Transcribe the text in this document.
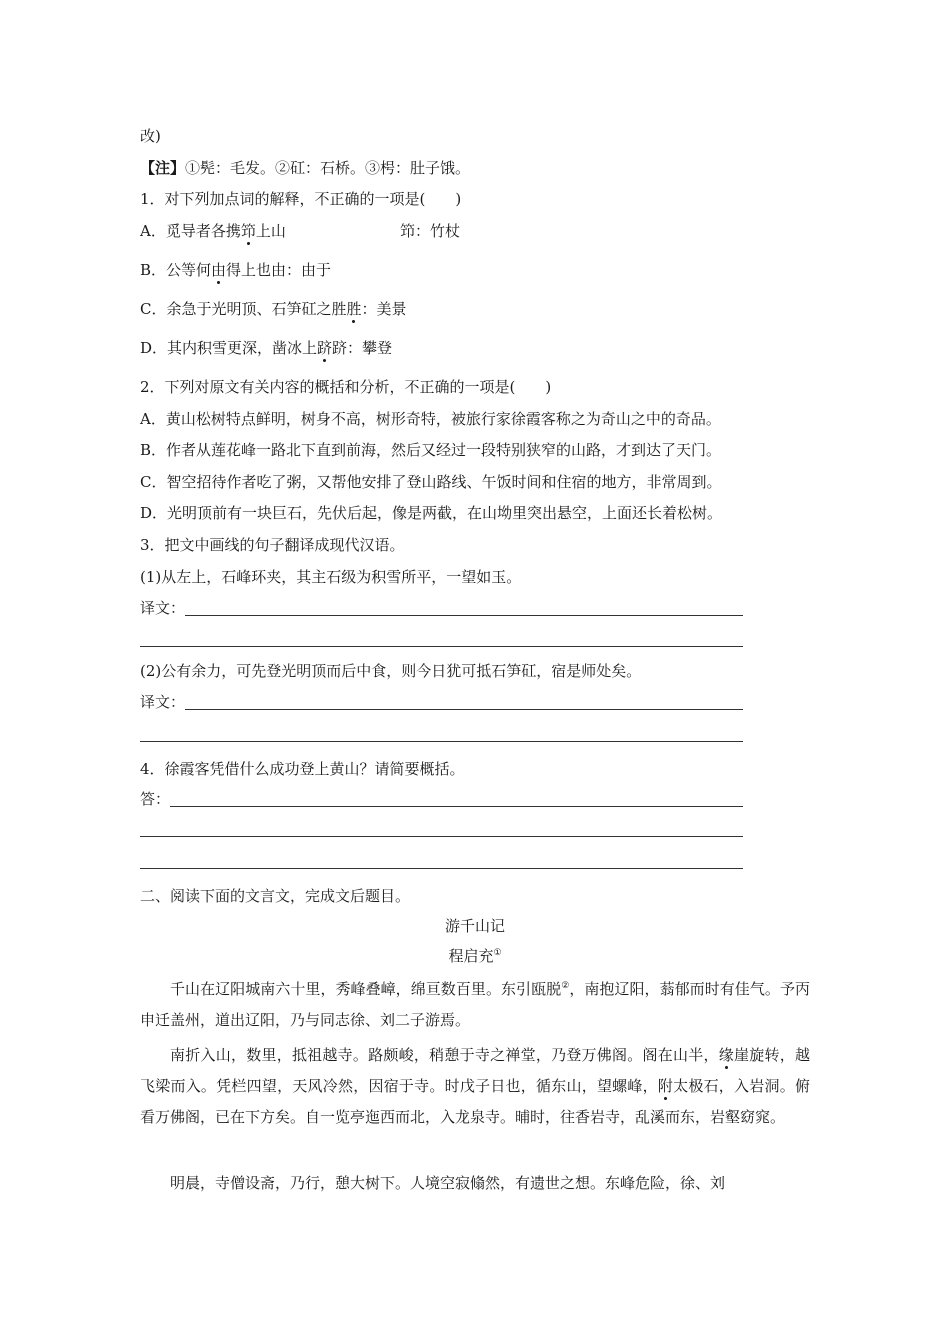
改)
【注】①髡：毛发。②矼：石桥。③枵：肚子饿。
1．对下列加点词的解释，不正确的一项是(　　)
A．觅导者各携笻上山	笻：竹杖
B．公等何由得上也由：由于
C．余急于光明顶、石笋矼之胜胜：美景
D．其内积雪更深，凿冰上跻跻：攀登
2．下列对原文有关内容的概括和分析，不正确的一项是(　　)
A．黄山松树特点鲜明，树身不高，树形奇特，被旅行家徐霞客称之为奇山之中的奇品。
B．作者从莲花峰一路北下直到前海，然后又经过一段特别狭窄的山路，才到达了天门。
C．智空招待作者吃了粥，又帮他安排了登山路线、午饭时间和住宿的地方，非常周到。
D．光明顶前有一块巨石，先伏后起，像是两截，在山坳里突出悬空，上面还长着松树。
3．把文中画线的句子翻译成现代汉语。
(1)从左上，石峰环夹，其主石级为积雪所平，一望如玉。
译文：
(2)公有余力，可先登光明顶而后中食，则今日犹可抵石笋矼，宿是师处矣。
译文：
4．徐霞客凭借什么成功登上黄山？请简要概括。
答：
二、阅读下面的文言文，完成文后题目。
游千山记
程启充①

千山在辽阳城南六十里，秀峰叠嶂，绵亘数百里。东引瓯脱②，南抱辽阳，蓊郁而时有佳气。予丙申迁盖州，道出辽阳，乃与同志徐、刘二子游焉。

南折入山，数里，抵祖越寺。路颇峻，稍憩于寺之禅堂，乃登万佛阁。阁在山半，缘崖旋转，越飞梁而入。凭栏四望，天风冷然，因宿于寺。时戊子日也，循东山，望螺峰，附太极石，入岩洞。俯看万佛阁，已在下方矣。自一览亭迤西而北，入龙泉寺。晡时，往香岩寺，乱溪而东，岩壑窈窕。

明晨，寺僧设斋，乃行，憩大树下。人境空寂翛然，有遗世之想。东峰危险，徐、刘
